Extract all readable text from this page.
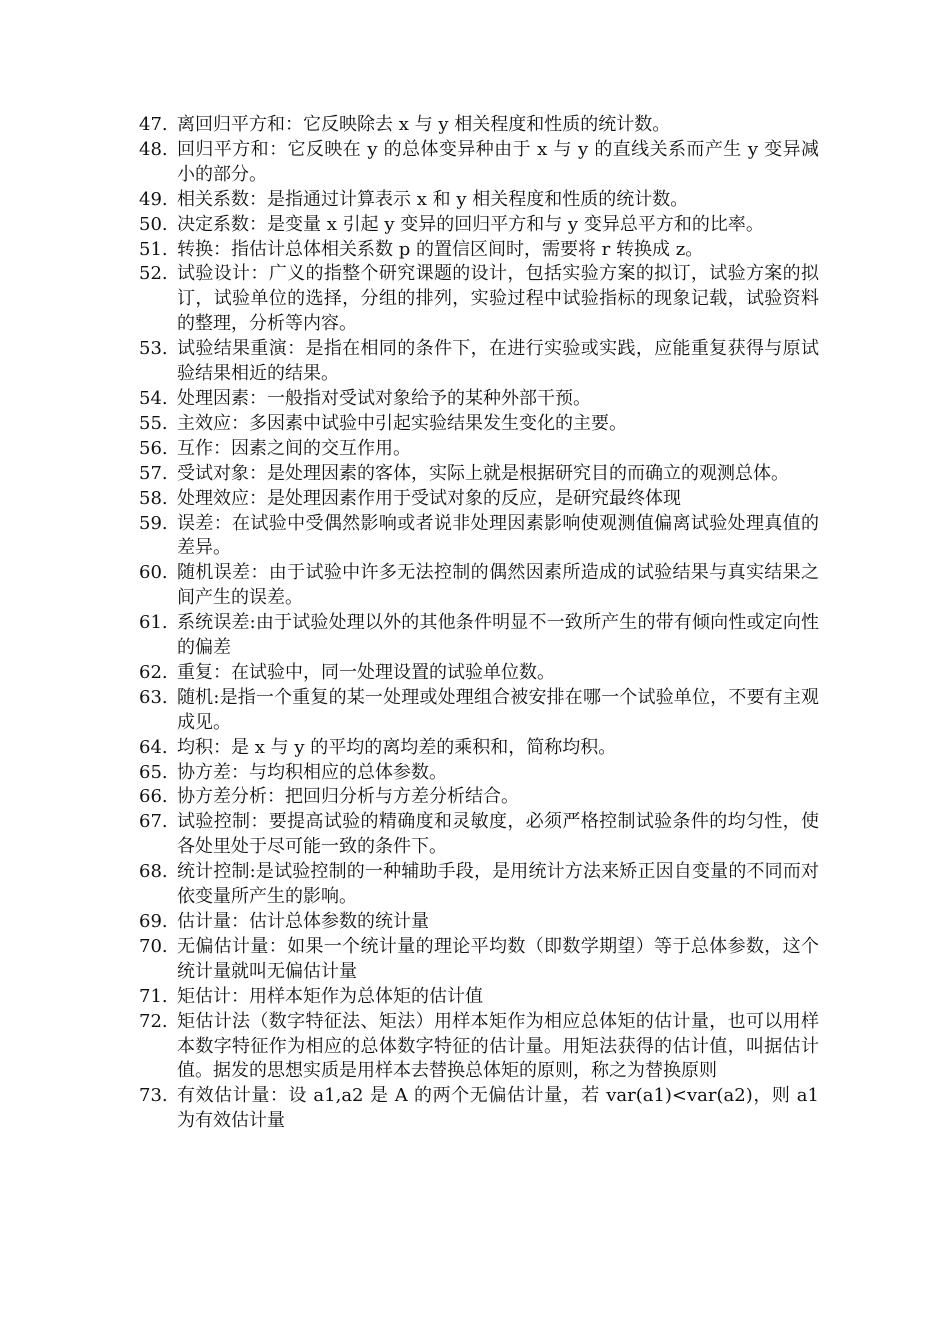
47. 离回归平方和：它反映除去 x 与 y 相关程度和性质的统计数。
48. 回归平方和：它反映在 y 的总体变异种由于 x 与 y 的直线关系而产生 y 变异减小的部分。
49. 相关系数：是指通过计算表示 x 和 y 相关程度和性质的统计数。
50. 决定系数：是变量 x 引起 y 变异的回归平方和与 y 变异总平方和的比率。
51. 转换：指估计总体相关系数 p 的置信区间时，需要将 r 转换成 z。
52. 试验设计：广义的指整个研究课题的设计，包括实验方案的拟订，试验方案的拟订，试验单位的选择，分组的排列，实验过程中试验指标的现象记载，试验资料的整理，分析等内容。
53. 试验结果重演：是指在相同的条件下，在进行实验或实践，应能重复获得与原试验结果相近的结果。
54. 处理因素：一般指对受试对象给予的某种外部干预。
55. 主效应：多因素中试验中引起实验结果发生变化的主要。
56. 互作：因素之间的交互作用。
57. 受试对象：是处理因素的客体，实际上就是根据研究目的而确立的观测总体。
58. 处理效应：是处理因素作用于受试对象的反应，是研究最终体现
59. 误差：在试验中受偶然影响或者说非处理因素影响使观测值偏离试验处理真值的差异。
60. 随机误差：由于试验中许多无法控制的偶然因素所造成的试验结果与真实结果之间产生的误差。
61. 系统误差:由于试验处理以外的其他条件明显不一致所产生的带有倾向性或定向性的偏差
62. 重复：在试验中，同一处理设置的试验单位数。
63. 随机:是指一个重复的某一处理或处理组合被安排在哪一个试验单位，不要有主观成见。
64. 均积：是 x 与 y 的平均的离均差的乘积和，简称均积。
65. 协方差：与均积相应的总体参数。
66. 协方差分析：把回归分析与方差分析结合。
67. 试验控制：要提高试验的精确度和灵敏度，必须严格控制试验条件的均匀性，使各处里处于尽可能一致的条件下。
68. 统计控制:是试验控制的一种辅助手段，是用统计方法来矫正因自变量的不同而对依变量所产生的影响。
69. 估计量：估计总体参数的统计量
70. 无偏估计量：如果一个统计量的理论平均数（即数学期望）等于总体参数，这个统计量就叫无偏估计量
71. 矩估计：用样本矩作为总体矩的估计值
72. 矩估计法（数字特征法、矩法）用样本矩作为相应总体矩的估计量，也可以用样本数字特征作为相应的总体数字特征的估计量。用矩法获得的估计值，叫据估计值。据发的思想实质是用样本去替换总体矩的原则，称之为替换原则
73. 有效估计量：设 a1,a2 是 A 的两个无偏估计量，若 var(a1)<var(a2)，则 a1 为有效估计量
